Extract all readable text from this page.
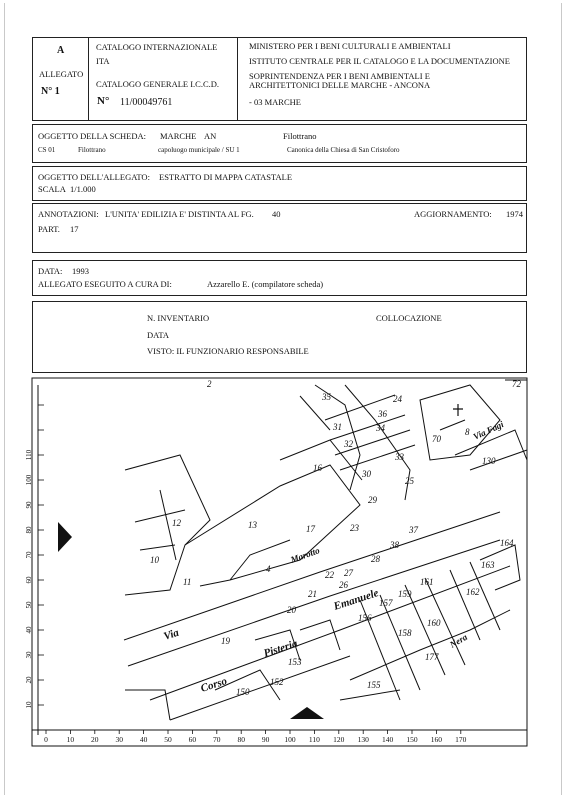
A
ALLEGATO
N° 1
CATALOGO INTERNAZIONALE
ITA
CATALOGO GENERALE I.C.C.D.
N° 11/00049761
MINISTERO PER I BENI CULTURALI E AMBIENTALI
ISTITUTO CENTRALE PER IL CATALOGO E LA DOCUMENTAZIONE
SOPRINTENDENZA PER I BENI AMBIENTALI E
ARCHITETTONICI DELLE MARCHE - ANCONA
- 03 MARCHE
OGGETTO DELLA SCHEDA: MARCHE AN	Filottrano
CS 01	Filottrano	capoluogo municipale / SU 1	Canonica della Chiesa di San Cristoforo
OGGETTO DELL'ALLEGATO: ESTRATTO DI MAPPA CATASTALE
SCALA 1/1.000
ANNOTAZIONI: L'UNITA' EDILIZIA E' DISTINTA AL FG. 40
PART. 17
AGGIORNAMENTO: 1974
DATA: 1993
ALLEGATO ESEGUITO A CURA DI:	Azzarello E. (compilatore scheda)
N. INVENTARIO	COLLOCAZIONE
DATA
VISTO: IL FUNZIONARIO RESPONSABILE
10
20
30
40
50
60
70
80
90
100
110
0	10 20 30 40 50 60 70 80 90 100 110 120 130 140 150 160 170
12
10
11
13
16
17
4
20
21
22
23
19
29
153
152
150
155
156
157
158
159
160
161
162
163
164
177
130
70
8
72
30
31
32
33
34
35
36
37
38
28
27
26
25
24
2
Via
Corso
Pisteria
Emanuele
Marotto
Via Fagi
Nera
